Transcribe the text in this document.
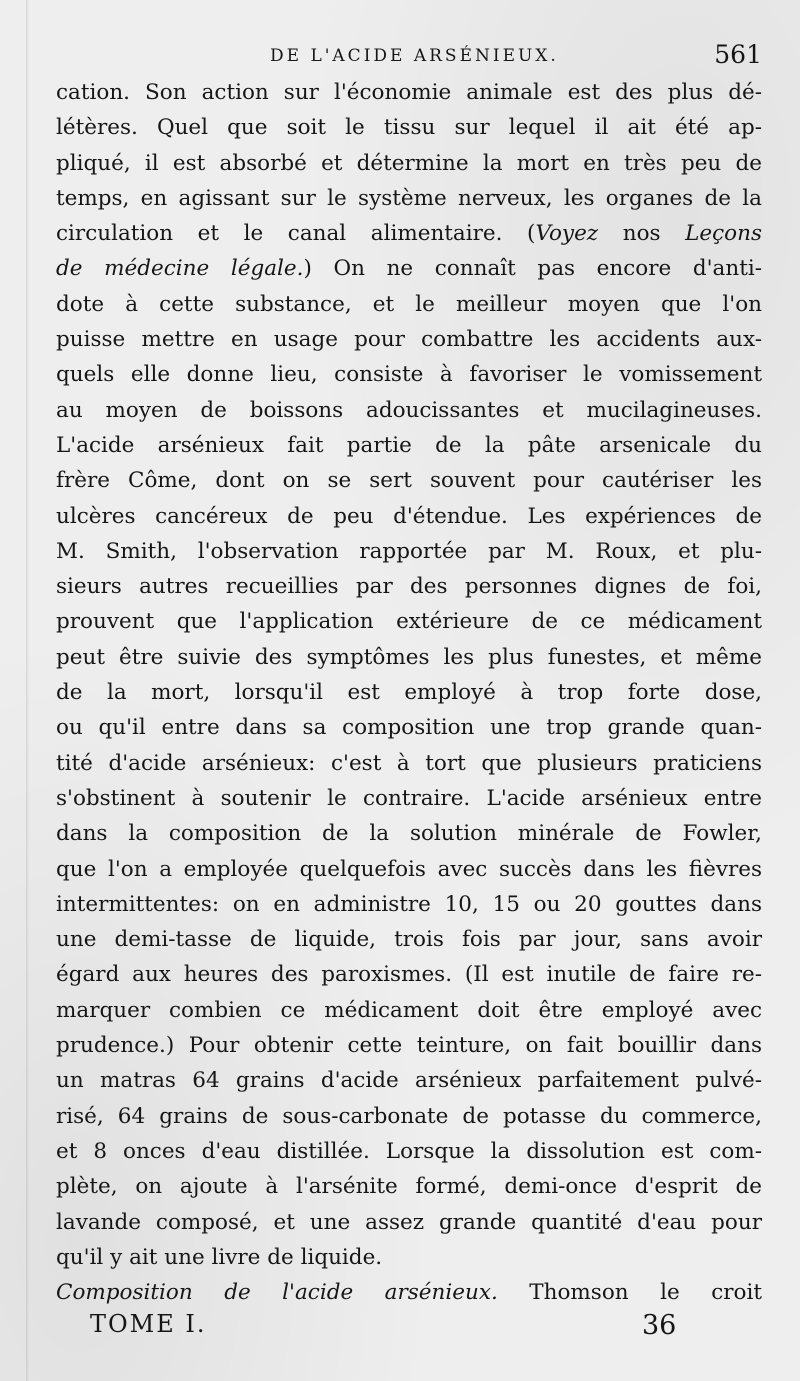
DE L'ACIDE ARSÉNIEUX.	561
cation. Son action sur l'économie animale est des plus dé-
létères. Quel que soit le tissu sur lequel il ait été ap-
pliqué, il est absorbé et détermine la mort en très peu de
temps, en agissant sur le système nerveux, les organes de la
circulation et le canal alimentaire. (Voyez nos Leçons
de médecine légale.) On ne connaît pas encore d'anti-
dote à cette substance, et le meilleur moyen que l'on
puisse mettre en usage pour combattre les accidents aux-
quels elle donne lieu, consiste à favoriser le vomissement
au moyen de boissons adoucissantes et mucilagineuses.
L'acide arsénieux fait partie de la pâte arsenicale du
frère Côme, dont on se sert souvent pour cautériser les
ulcères cancéreux de peu d'étendue. Les expériences de
M. Smith, l'observation rapportée par M. Roux, et plu-
sieurs autres recueillies par des personnes dignes de foi,
prouvent que l'application extérieure de ce médicament
peut être suivie des symptômes les plus funestes, et même
de la mort, lorsqu'il est employé à trop forte dose,
ou qu'il entre dans sa composition une trop grande quan-
tité d'acide arsénieux: c'est à tort que plusieurs praticiens
s'obstinent à soutenir le contraire. L'acide arsénieux entre
dans la composition de la solution minérale de Fowler,
que l'on a employée quelquefois avec succès dans les fièvres
intermittentes: on en administre 10, 15 ou 20 gouttes dans
une demi-tasse de liquide, trois fois par jour, sans avoir
égard aux heures des paroxismes. (Il est inutile de faire re-
marquer combien ce médicament doit être employé avec
prudence.) Pour obtenir cette teinture, on fait bouillir dans
un matras 64 grains d'acide arsénieux parfaitement pulvé-
risé, 64 grains de sous-carbonate de potasse du commerce,
et 8 onces d'eau distillée. Lorsque la dissolution est com-
plète, on ajoute à l'arsénite formé, demi-once d'esprit de
lavande composé, et une assez grande quantité d'eau pour
qu'il y ait une livre de liquide.
Composition de l'acide arsénieux. Thomson le croit
TOME I.	36
